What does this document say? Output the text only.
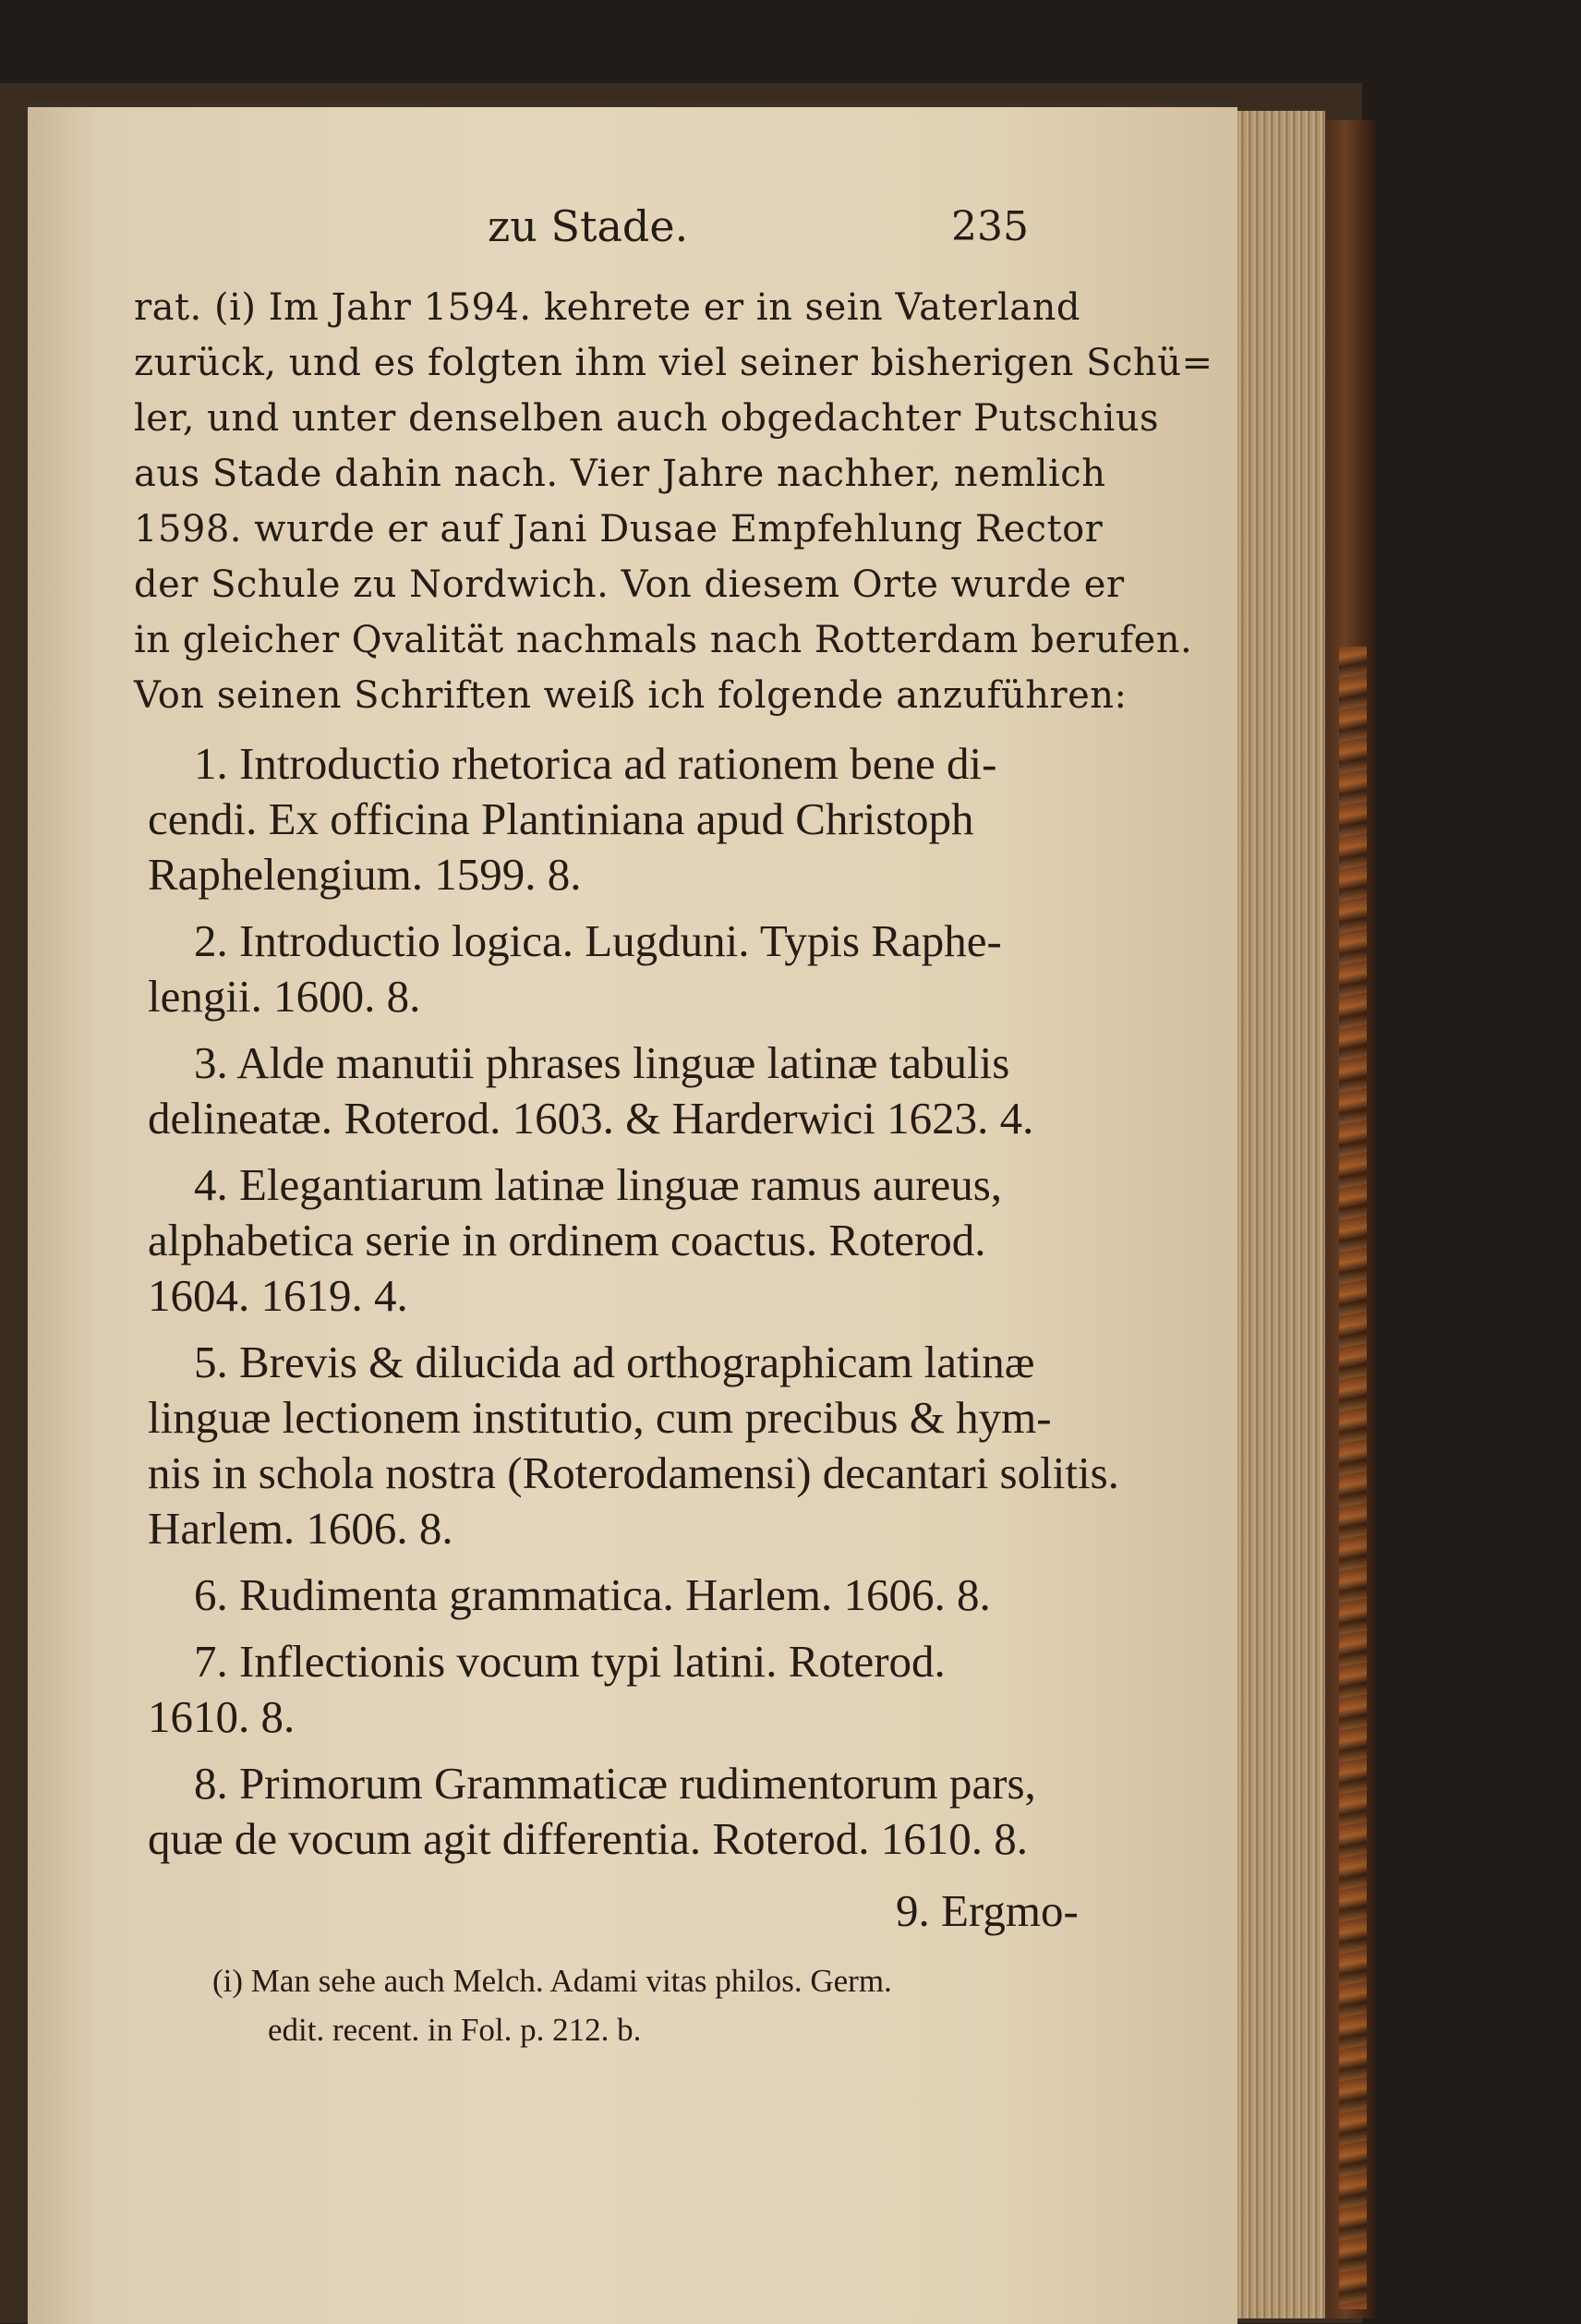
zu Stade.	235
rat. (i) Im Jahr 1594. kehrete er in sein Vaterland
zurück, und es folgten ihm viel seiner bisherigen Schü=
ler, und unter denselben auch obgedachter Putschius
aus Stade dahin nach. Vier Jahre nachher, nemlich
1598. wurde er auf Jani Dusae Empfehlung Rector
der Schule zu Nordwich. Von diesem Orte wurde er
in gleicher Qvalität nachmals nach Rotterdam berufen.
Von seinen Schriften weiß ich folgende anzuführen:
1. Introductio rhetorica ad rationem bene di-
cendi. Ex officina Plantiniana apud Christoph
Raphelengium. 1599. 8.
2. Introductio logica. Lugduni. Typis Raphe-
lengii. 1600. 8.
3. Alde manutii phrases linguæ latinæ tabulis
delineatæ. Roterod. 1603. & Harderwici 1623. 4.
4. Elegantiarum latinæ linguæ ramus aureus,
alphabetica serie in ordinem coactus. Roterod.
1604. 1619. 4.
5. Brevis & dilucida ad orthographicam latinæ
linguæ lectionem institutio, cum precibus & hym-
nis in schola nostra (Roterodamensi) decantari solitis.
Harlem. 1606. 8.
6. Rudimenta grammatica. Harlem. 1606. 8.
7. Inflectionis vocum typi latini. Roterod.
1610. 8.
8. Primorum Grammaticæ rudimentorum pars,
quæ de vocum agit differentia. Roterod. 1610. 8.
9. Ergmo-
(i) Man sehe auch Melch. Adami vitas philos. Germ.
edit. recent. in Fol. p. 212. b.
